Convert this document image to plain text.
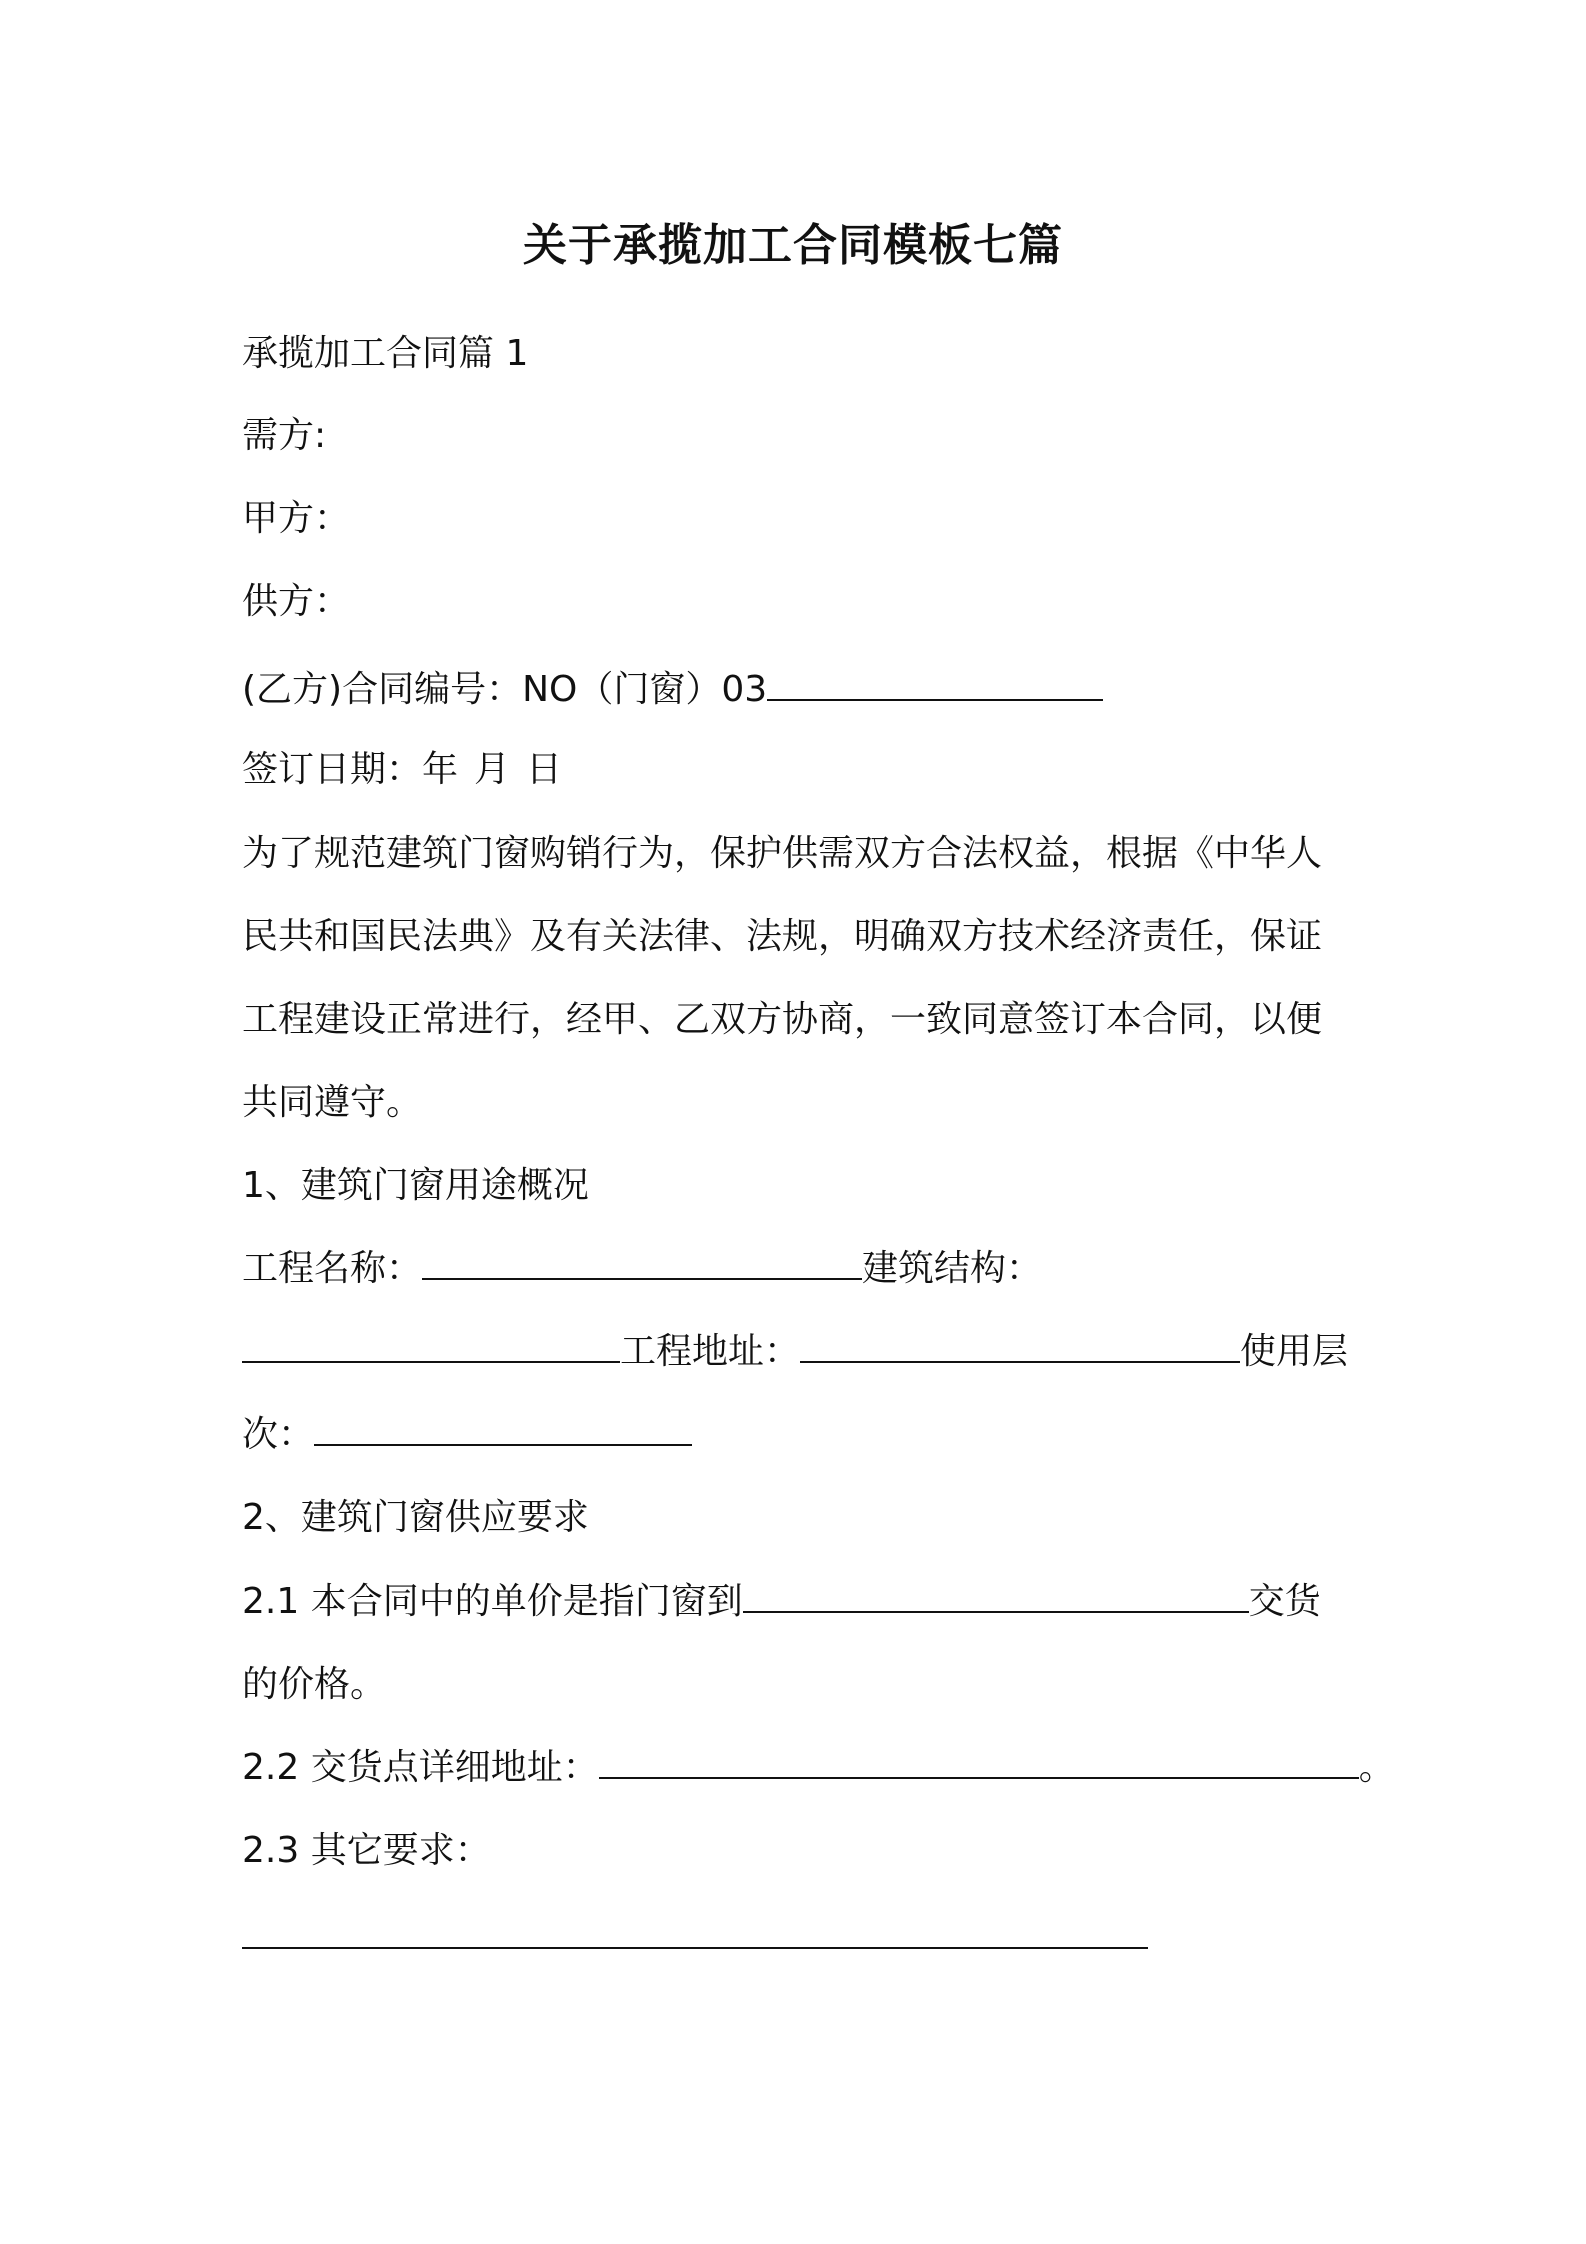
关于承揽加工合同模板七篇
承揽加工合同篇 1
需方:
甲方：
供方：
(乙方)合同编号：NO（门窗）03
签订日期：年 月 日
为了规范建筑门窗购销行为，保护供需双方合法权益，根据《中华人
民共和国民法典》及有关法律、法规，明确双方技术经济责任，保证
工程建设正常进行，经甲、乙双方协商，一致同意签订本合同，以便
共同遵守。
1、建筑门窗用途概况
工程名称：	建筑结构：
工程地址：	使用层
次：
2、建筑门窗供应要求
2.1 本合同中的单价是指门窗到	交货
的价格。
2.2 交货点详细地址：	。
2.3 其它要求：
